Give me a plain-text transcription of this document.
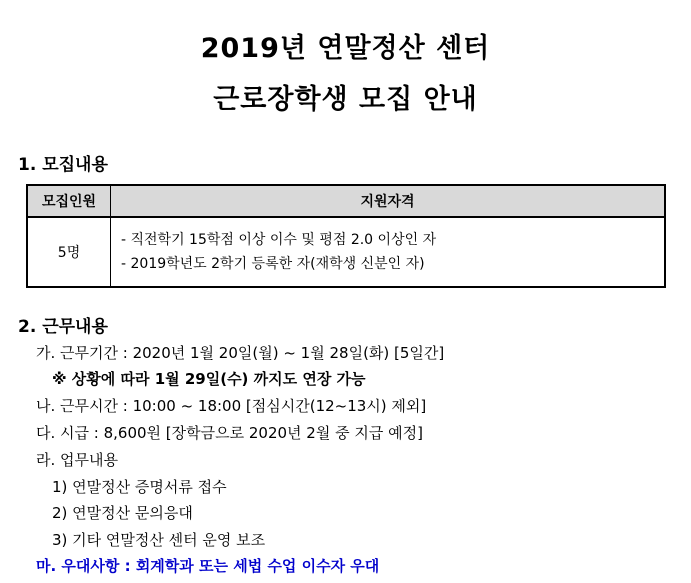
2019년 연말정산 센터
근로장학생 모집 안내
1. 모집내용
모집인원	지원자격
5명	- 직전학기 15학점 이상 이수 및 평점 2.0 이상인 자
- 2019학년도 2학기 등록한 자(재학생 신분인 자)
2. 근무내용
가. 근무기간 : 2020년 1월 20일(월) ~ 1월 28일(화) [5일간]
※ 상황에 따라 1월 29일(수) 까지도 연장 가능
나. 근무시간 : 10:00 ~ 18:00 [점심시간(12~13시) 제외]
다. 시급 : 8,600원 [장학금으로 2020년 2월 중 지급 예정]
라. 업무내용
1) 연말정산 증명서류 접수
2) 연말정산 문의응대
3) 기타 연말정산 센터 운영 보조
마. 우대사항 : 회계학과 또는 세법 수업 이수자 우대
